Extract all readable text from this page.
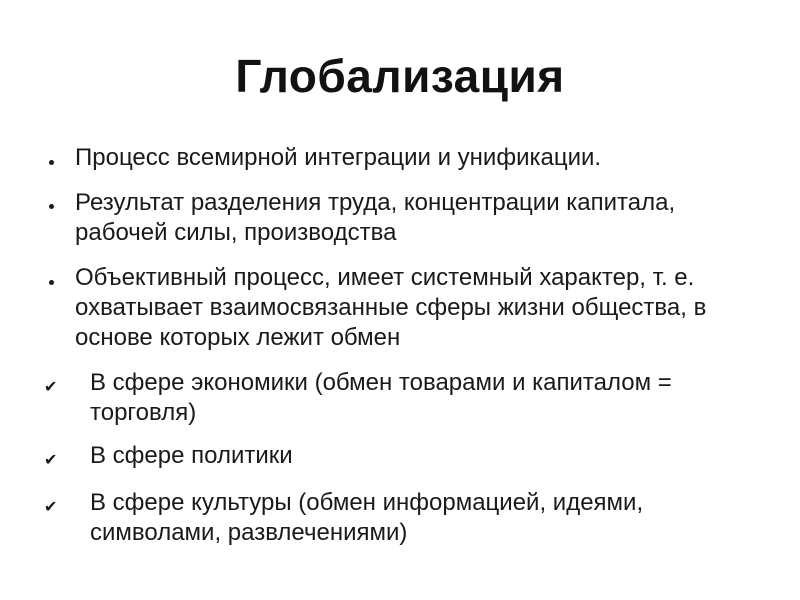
Глобализация
Процесс всемирной интеграции и унификации.
Результат разделения труда, концентрации капитала, рабочей силы, производства
Объективный процесс, имеет системный характер, т. е. охватывает взаимосвязанные сферы жизни общества, в основе которых лежит обмен
✔ В сфере экономики (обмен товарами и капиталом = торговля)
✔ В сфере политики
✔ В сфере культуры (обмен информацией, идеями, символами, развлечениями)
